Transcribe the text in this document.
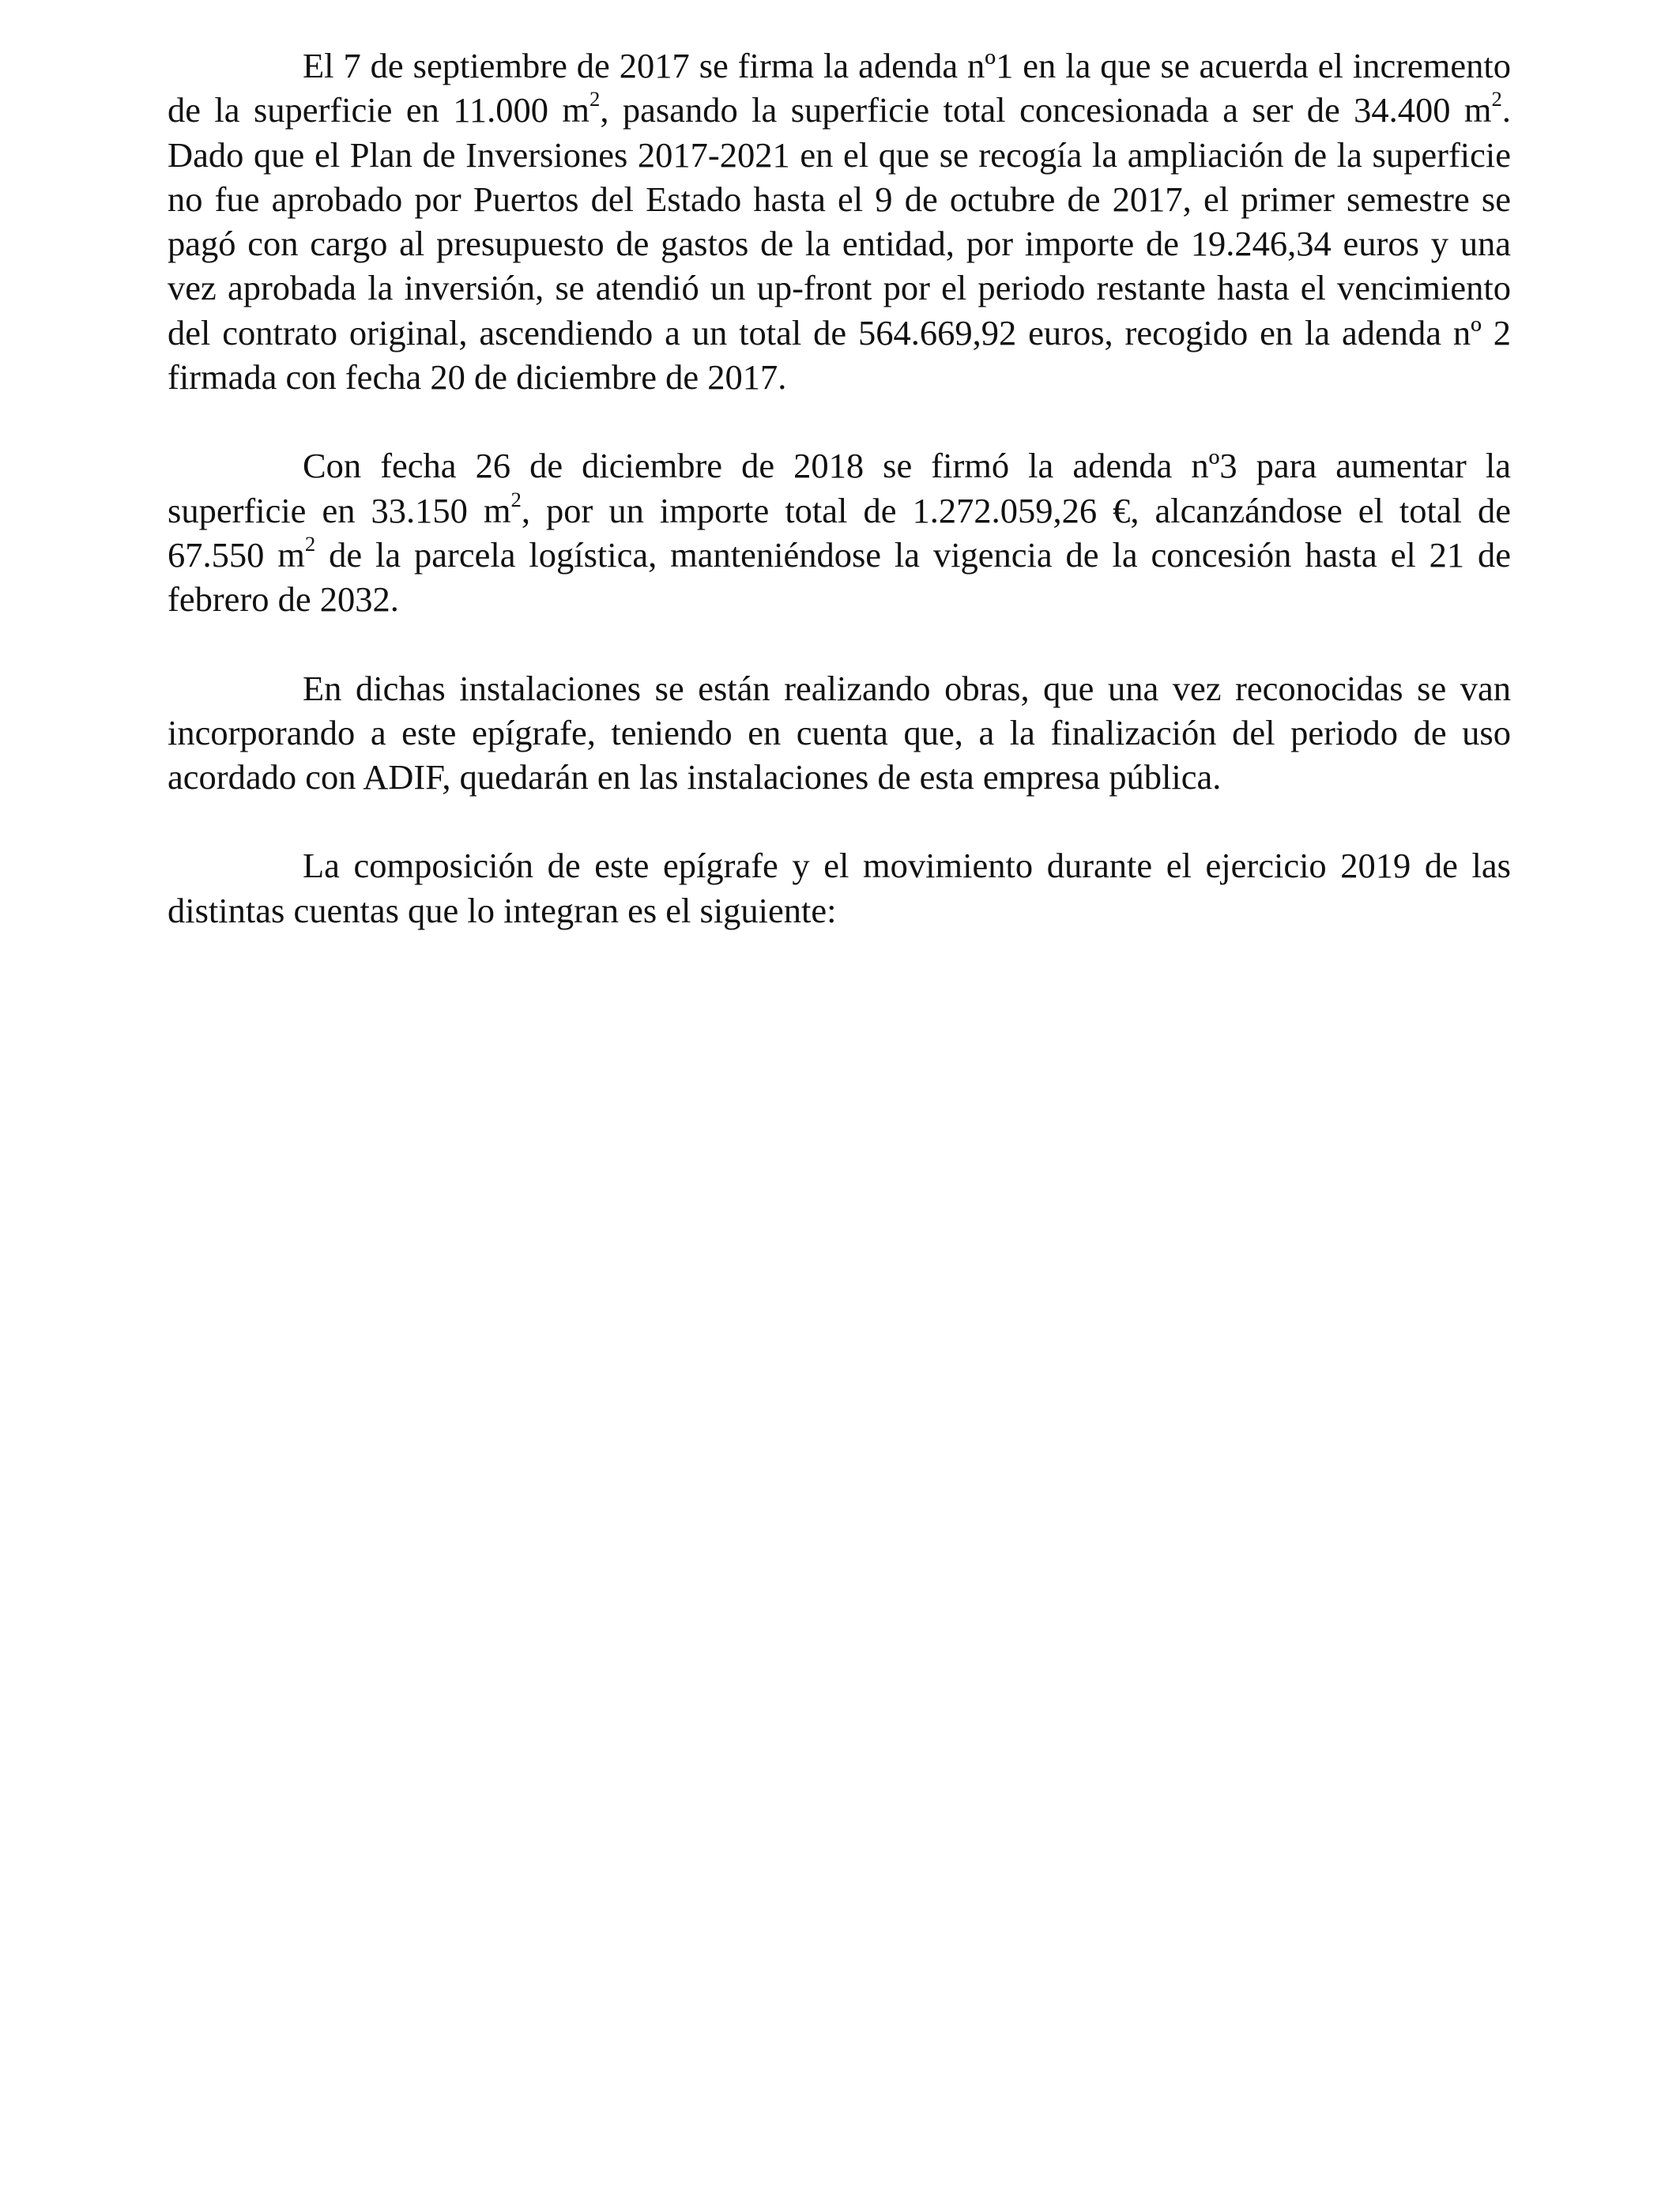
El 7 de septiembre de 2017 se firma la adenda nº1 en la que se acuerda el incremento de la superficie en 11.000 $m^2$, pasando la superficie total concesionada a ser de 34.400 $m^2$. Dado que el Plan de Inversiones 2017-2021 en el que se recogía la ampliación de la superficie no fue aprobado por Puertos del Estado hasta el 9 de octubre de 2017, el primer semestre se pagó con cargo al presupuesto de gastos de la entidad, por importe de 19.246,34 euros y una vez aprobada la inversión, se atendió un up-front por el periodo restante hasta el vencimiento del contrato original, ascendiendo a un total de 564.669,92 euros, recogido en la adenda nº 2 firmada con fecha 20 de diciembre de 2017.

Con fecha 26 de diciembre de 2018 se firmó la adenda nº3 para aumentar la superficie en 33.150 $m^2$, por un importe total de 1.272.059,26 €, alcanzándose el total de 67.550 $m^2$ de la parcela logística, manteniéndose la vigencia de la concesión hasta el 21 de febrero de 2032.

En dichas instalaciones se están realizando obras, que una vez reconocidas se van incorporando a este epígrafe, teniendo en cuenta que, a la finalización del periodo de uso acordado con ADIF, quedarán en las instalaciones de esta empresa pública.

La composición de este epígrafe y el movimiento durante el ejercicio 2019 de las distintas cuentas que lo integran es el siguiente:
